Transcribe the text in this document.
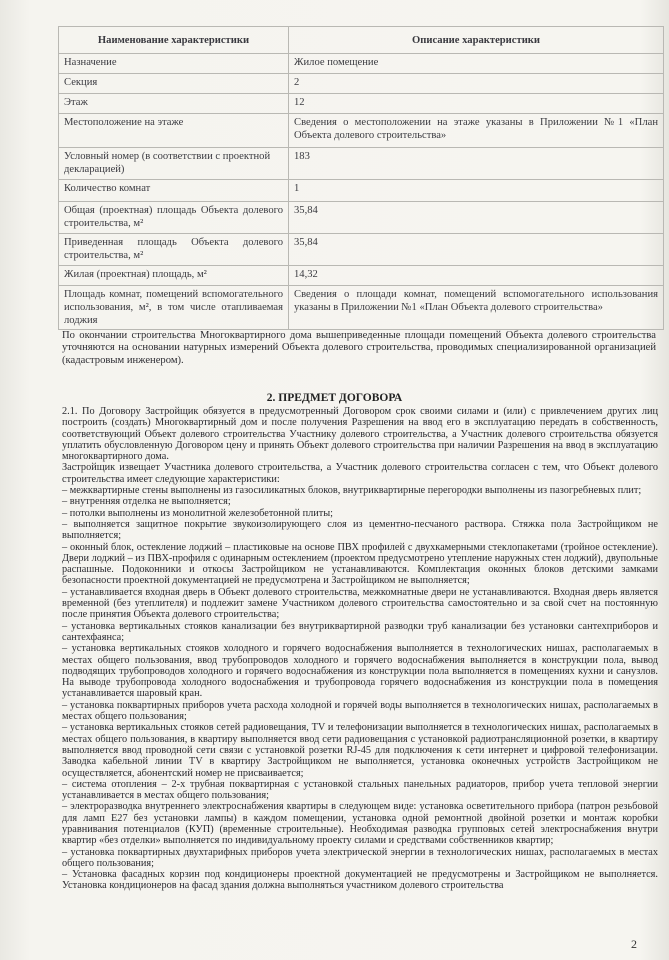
Наименование характеристики	Описание характеристики
Назначение	Жилое помещение
Секция	2
Этаж	12
Местоположение на этаже	Сведения о местоположении на этаже указаны в Приложении №1 «План Объекта долевого строительства»
Условный номер (в соответствии с проектной декларацией)	183
Количество комнат	1
Общая (проектная) площадь Объекта долевого строительства, м²	35,84
Приведенная площадь Объекта долевого строительства, м²	35,84
Жилая (проектная) площадь, м²	14,32
Площадь комнат, помещений вспомогательного использования, м², в том числе отапливаемая лоджия	Сведения о площади комнат, помещений вспомогательного использования указаны в Приложении №1 «План Объекта долевого строительства»
По окончании строительства Многоквартирного дома вышеприведенные площади помещений Объекта долевого строительства уточняются на основании натурных измерений Объекта долевого строительства, проводимых специализированной организацией (кадастровым инженером).
2. ПРЕДМЕТ ДОГОВОРА

2.1. По Договору Застройщик обязуется в предусмотренный Договором срок своими силами и (или) с привлечением других лиц построить (создать) Многоквартирный дом и после получения Разрешения на ввод его в эксплуатацию передать в собственность, соответствующий Объект долевого строительства Участнику долевого строительства, а Участник долевого строительства обязуется уплатить обусловленную Договором цену и принять Объект долевого строительства при наличии Разрешения на ввод в эксплуатацию многоквартирного дома.

Застройщик извещает Участника долевого строительства, а Участник долевого строительства согласен с тем, что Объект долевого строительства имеет следующие характеристики:

– межквартирные стены выполнены из газосиликатных блоков, внутриквартирные перегородки выполнены из пазогребневых плит;

– внутренняя отделка не выполняется;

– потолки выполнены из монолитной железобетонной плиты;

– выполняется защитное покрытие звукоизолирующего слоя из цементно-песчаного раствора. Стяжка пола Застройщиком не выполняется;

– оконный блок, остекление лоджий – пластиковые на основе ПВХ профилей с двухкамерными стеклопакетами (тройное остекление). Двери лоджий – из ПВХ-профиля с одинарным остеклением (проектом предусмотрено утепление наружных стен лоджий), двупольные распашные. Подоконники и откосы Застройщиком не устанавливаются. Комплектация оконных блоков детскими замками безопасности проектной документацией не предусмотрена и Застройщиком не выполняется;

– устанавливается входная дверь в Объект долевого строительства, межкомнатные двери не устанавливаются. Входная дверь является временной (без утеплителя) и подлежит замене Участником долевого строительства самостоятельно и за свой счет на постоянную после принятия Объекта долевого строительства;

– установка вертикальных стояков канализации без внутриквартирной разводки труб канализации без установки сантехприборов и сантехфаянса;

– установка вертикальных стояков холодного и горячего водоснабжения выполняется в технологических нишах, располагаемых в местах общего пользования, ввод трубопроводов холодного и горячего водоснабжения выполняется в конструкции пола, вывод подводящих трубопроводов холодного и горячего водоснабжения из конструкции пола выполняется в помещениях кухни и санузлов. На выводе трубопровода холодного водоснабжения и трубопровода горячего водоснабжения из конструкции пола в помещения устанавливается шаровый кран.

– установка поквартирных приборов учета расхода холодной и горячей воды выполняется в технологических нишах, располагаемых в местах общего пользования;

– установка вертикальных стояков сетей радиовещания, TV и телефонизации выполняется в технологических нишах, располагаемых в местах общего пользования, в квартиру выполняется ввод сети радиовещания с установкой радиотрансляционной розетки, в квартиру выполняется ввод проводной сети связи с установкой розетки RJ-45 для подключения к сети интернет и цифровой телефонизации. Заводка кабельной линии TV в квартиру Застройщиком не выполняется, установка оконечных устройств Застройщиком не осуществляется, абонентский номер не присваивается;

– система отопления – 2-х трубная поквартирная с установкой стальных панельных радиаторов, прибор учета тепловой энергии устанавливается в местах общего пользования;

– электроразводка внутреннего электроснабжения квартиры в следующем виде: установка осветительного прибора (патрон резьбовой для ламп E27 без установки лампы) в каждом помещении, установка одной ремонтной двойной розетки и монтаж коробки уравнивания потенциалов (КУП) (временные строительные). Необходимая разводка групповых сетей электроснабжения внутри квартир «без отделки» выполняется по индивидуальному проекту силами и средствами собственников квартир;

– установка поквартирных двухтарифных приборов учета электрической энергии в технологических нишах, располагаемых в местах общего пользования;

– Установка фасадных корзин под кондиционеры проектной документацией не предусмотрены и Застройщиком не выполняется. Установка кондиционеров на фасад здания должна выполняться участником долевого строительства

2
